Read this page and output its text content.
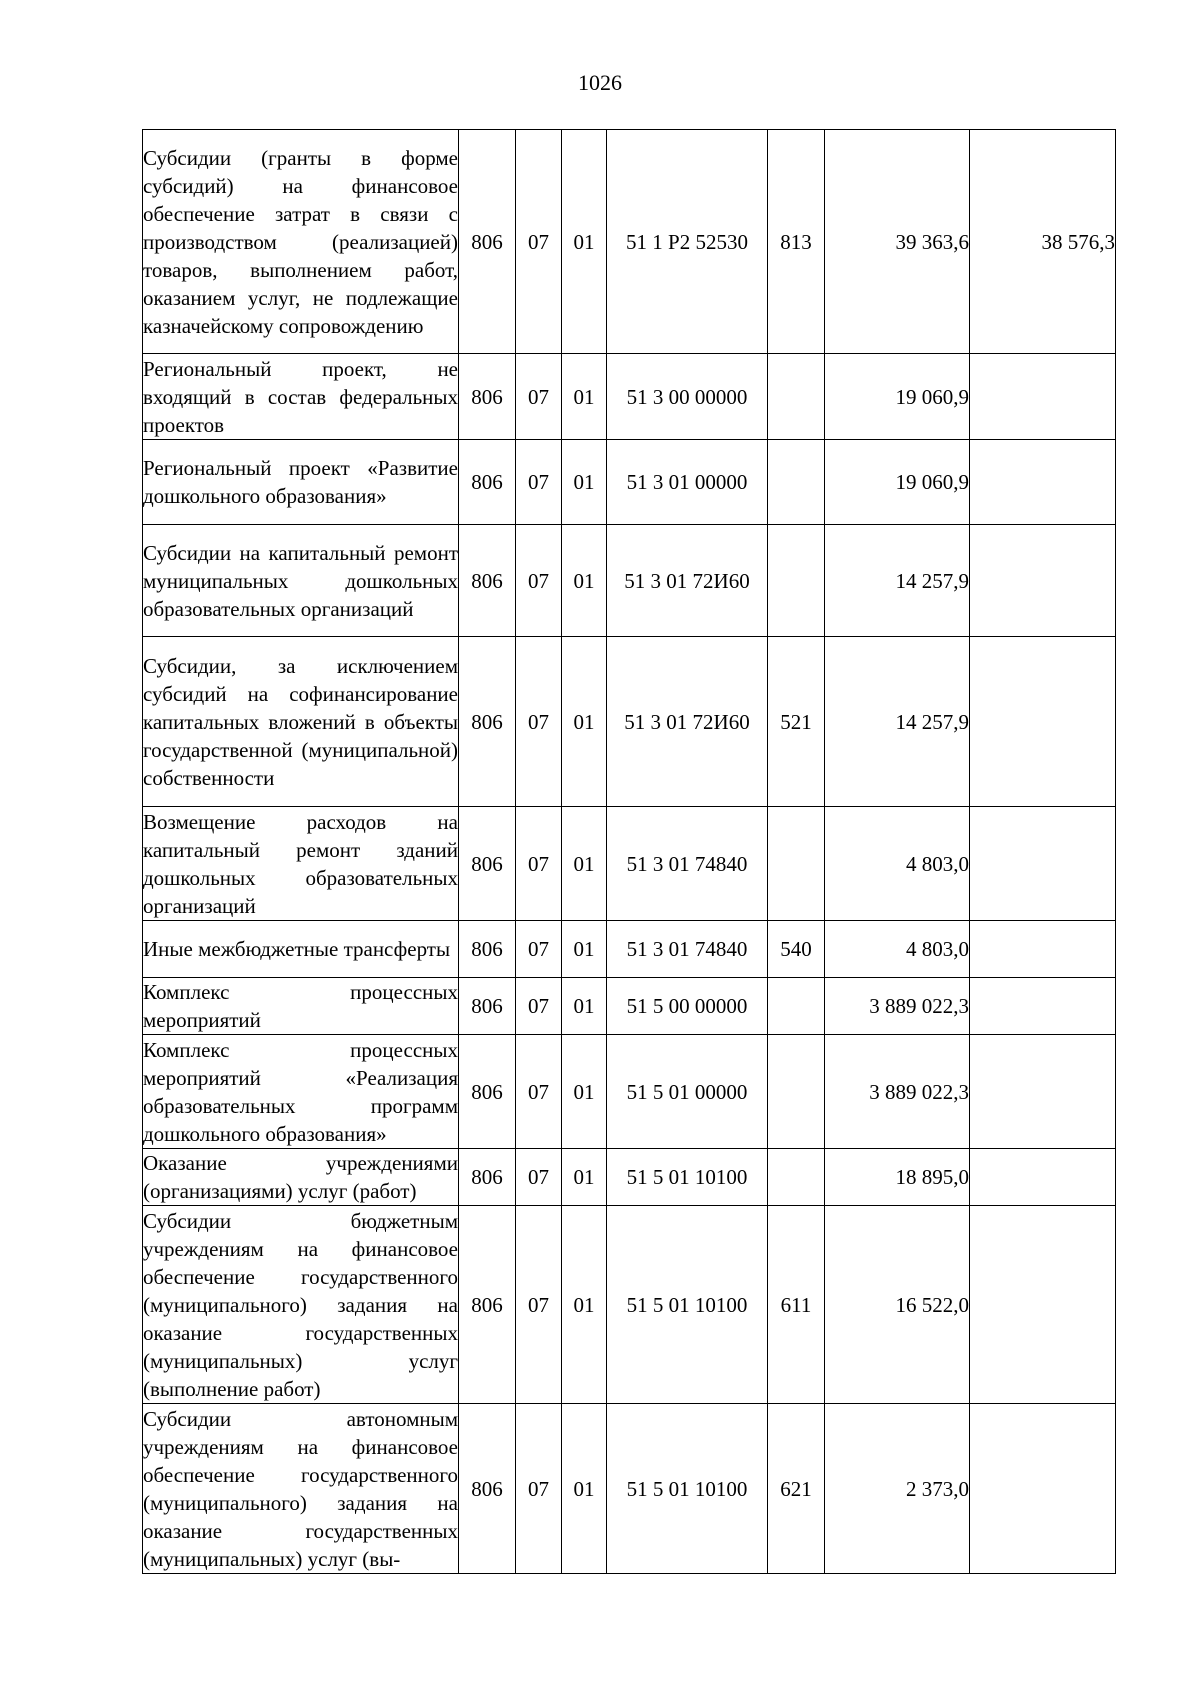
1026
Субсидии (гранты в форме субсидий) на финансовое обеспечение затрат в связи с производством (реализацией) товаров, выполнением работ, оказанием услуг, не подлежащие казначейскому сопровождению	806	07	01	51 1 Р2 52530	813	39 363,6	38 576,3
Региональный проект, не входящий в состав федеральных проектов	806	07	01	51 3 00 00000		19 060,9	
Региональный проект «Развитие дошкольного образования»	806	07	01	51 3 01 00000		19 060,9	
Субсидии на капитальный ремонт муниципальных дошкольных образовательных организаций	806	07	01	51 3 01 72И60		14 257,9	
Субсидии, за исключением субсидий на софинансирование капитальных вложений в объекты государственной (муниципальной) собственности	806	07	01	51 3 01 72И60	521	14 257,9	
Возмещение расходов на капитальный ремонт зданий дошкольных образовательных организаций	806	07	01	51 3 01 74840		4 803,0	
Иные межбюджетные трансферты	806	07	01	51 3 01 74840	540	4 803,0	
Комплекс процессных мероприятий	806	07	01	51 5 00 00000		3 889 022,3	
Комплекс процессных мероприятий «Реализация образовательных программ дошкольного образования»	806	07	01	51 5 01 00000		3 889 022,3	
Оказание учреждениями (организациями) услуг (работ)	806	07	01	51 5 01 10100		18 895,0	
Субсидии бюджетным учреждениям на финансовое обеспечение государственного (муниципального) задания на оказание государственных (муниципальных) услуг (выполнение работ)	806	07	01	51 5 01 10100	611	16 522,0	
Субсидии автономным учреждениям на финансовое обеспечение государственного (муниципального) задания на оказание государственных (муниципальных) услуг (вы-	806	07	01	51 5 01 10100	621	2 373,0	
